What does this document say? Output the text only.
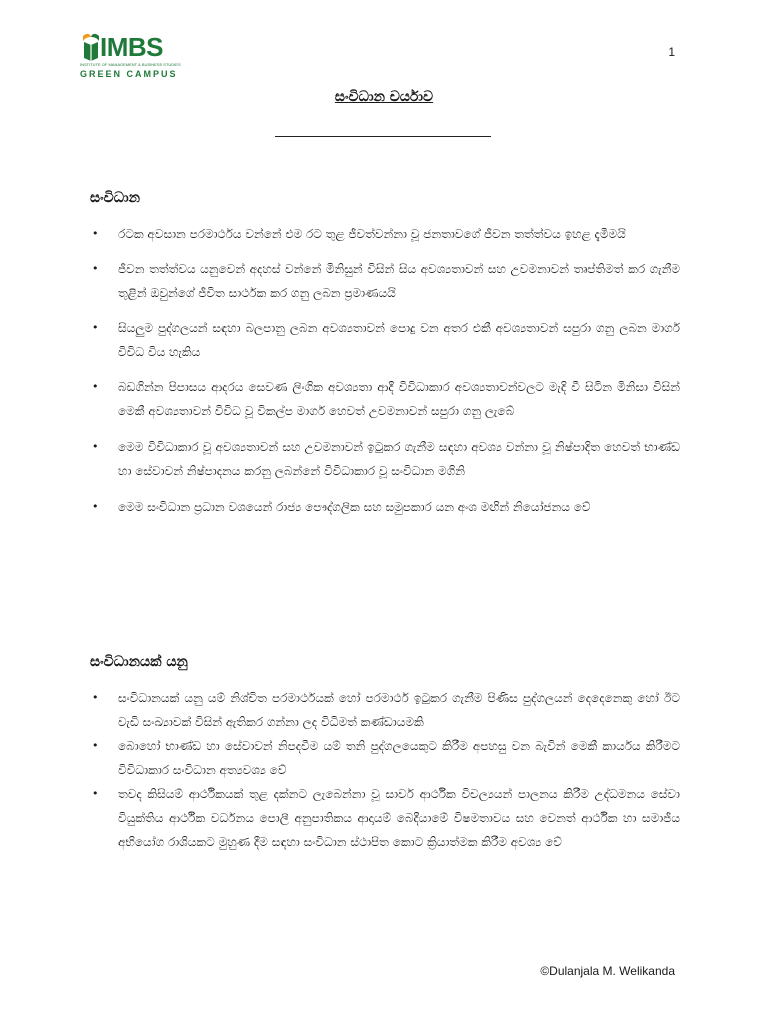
IMBS
INSTITUTE OF MANAGEMENT & BUSINESS STUDIES
GREEN CAMPUS
1
සංවිධාන චර්යාව
සංවිධාන
• රටක අවසාන පරමාර්ථය වන්නේ එම රට තුළ ජීවත්වන්නා වූ ජනතාවගේ ජීවන තත්ත්වය ඉහළ දැමීමයි
• ජීවන තත්ත්වය යනුවෙන් අදහස් වන්නේ මිනිසුන් විසින් සිය අවශ්‍යතාවන් සහ උවමනාවන් තෘප්තිමත් කර ගැනීම තුළින් ඔවුන්ගේ ජීවිත සාර්ථක කර ගනු ලබන ප්‍රමාණයයි
• සියලුම පුද්ගලයන් සඳහා බලපානු ලබන අවශ්‍යතාවන් පොදු වන අතර එකී අවශ්‍යතාවන් සපුරා ගනු ලබන මාර්ග විවිධ විය හැකිය
• බඩගින්න පිපාසය ආදරය සෙවණ ලිංගික අවශ්‍යතා ආදී විවිධාකාර අවශ්‍යතාවන්වලට මැදි වී සිටින මිනිසා විසින් මෙකී අවශ්‍යතාවන් විවිධ වූ විකල්ප මාර්ග හෙවත් උවමනාවන් සපුරා ගනු ලැබේ
• මෙම විවිධාකාර වූ අවශ්‍යතාවන් සහ උවමනාවන් ඉටුකර ගැනීම සඳහා අවශ්‍ය වන්නා වූ නිෂ්පාදිත හෙවත් භාණ්ඩ හා සේවාවන් නිෂ්පාදනය කරනු ලබන්නේ විවිධාකාර වූ සංවිධාන මගිනි
• මෙම සංවිධාන ප්‍රධාන වශයෙන් රාජ්‍ය පෞද්ගලික සහ සමුපකාර යන අංශ මඟින් නියෝජනය වේ
සංවිධානයක් යනු
• සංවිධානයක් යනු යම් නිශ්චිත පරමාර්ථයක් හෝ පරමාර්ථ ඉටුකර ගැනීම පිණිස පුද්ගලයන් දෙදෙනෙකු හෝ ඊට වැඩි සංඛ්‍යාවක් විසින් ඇතිකර ගන්නා ලද විධිමත් කණ්ඩායමකි
• බොහෝ භාණ්ඩ හා සේවාවන් නිපදවීම යම් තනි පුද්ගලයෙකුට කිරීම අපහසු වන බැවින් මෙකී කාර්යය කිරීමට විවිධාකාර සංවිධාන අත්‍යවශ්‍ය වේ
• තවද කිසියම් ආර්ථිකයක් තුළ දක්නට ලැබෙන්නා වූ සාර්ව ආර්ථික විචල්‍යයන් පාලනය කිරීම උද්ධමනය සේවා වියුක්තිය ආර්ථික වර්ධනය පොලී අනුපාතිකය ආදායම් බෙදීයාමේ විෂමතාවය සහ වෙනත් ආර්ථික හා සමාජීය අභියෝග රාශියකට මුහුණ දීම සඳහා සංවිධාන ස්ථාපිත කොට ක්‍රියාත්මක කිරීම අවශ්‍ය වේ
©Dulanjala M. Welikanda
